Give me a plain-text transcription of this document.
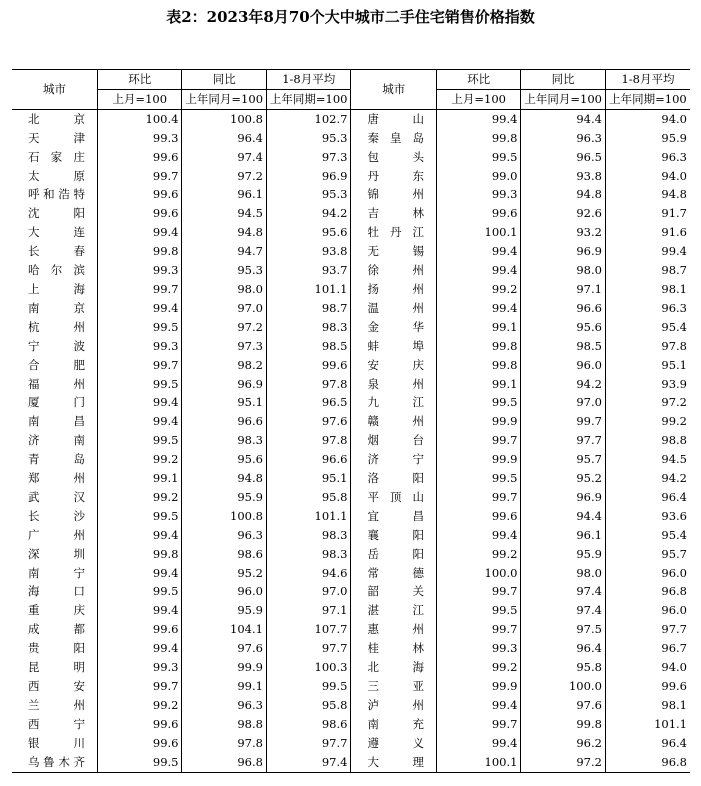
表2：2023年8月70个大中城市二手住宅销售价格指数
城市	环比	同比	1-8月平均	城市	环比	同比	1-8月平均
	上月=100	上年同月=100	上年同期=100		上月=100	上年同月=100	上年同期=100
北京	100.4	100.8	102.7	唐山	99.4	94.4	94.0
天津	99.3	96.4	95.3	秦皇岛	99.8	96.3	95.9
石家庄	99.6	97.4	97.3	包头	99.5	96.5	96.3
太原	99.7	97.2	96.9	丹东	99.0	93.8	94.0
呼和浩特	99.6	96.1	95.3	锦州	99.3	94.8	94.8
沈阳	99.6	94.5	94.2	吉林	99.6	92.6	91.7
大连	99.4	94.8	95.6	牡丹江	100.1	93.2	91.6
长春	99.8	94.7	93.8	无锡	99.4	96.9	99.4
哈尔滨	99.3	95.3	93.7	徐州	99.4	98.0	98.7
上海	99.7	98.0	101.1	扬州	99.2	97.1	98.1
南京	99.4	97.0	98.7	温州	99.4	96.6	96.3
杭州	99.5	97.2	98.3	金华	99.1	95.6	95.4
宁波	99.3	97.3	98.5	蚌埠	99.8	98.5	97.8
合肥	99.7	98.2	99.6	安庆	99.8	96.0	95.1
福州	99.5	96.9	97.8	泉州	99.1	94.2	93.9
厦门	99.4	95.1	96.5	九江	99.5	97.0	97.2
南昌	99.4	96.6	97.6	赣州	99.9	99.7	99.2
济南	99.5	98.3	97.8	烟台	99.7	97.7	98.8
青岛	99.2	95.6	96.6	济宁	99.9	95.7	94.5
郑州	99.1	94.8	95.1	洛阳	99.5	95.2	94.2
武汉	99.2	95.9	95.8	平顶山	99.7	96.9	96.4
长沙	99.5	100.8	101.1	宜昌	99.6	94.4	93.6
广州	99.4	96.3	98.3	襄阳	99.4	96.1	95.4
深圳	99.8	98.6	98.3	岳阳	99.2	95.9	95.7
南宁	99.4	95.2	94.6	常德	100.0	98.0	96.0
海口	99.5	96.0	97.0	韶关	99.7	97.4	96.8
重庆	99.4	95.9	97.1	湛江	99.5	97.4	96.0
成都	99.6	104.1	107.7	惠州	99.7	97.5	97.7
贵阳	99.4	97.6	97.7	桂林	99.3	96.4	96.7
昆明	99.3	99.9	100.3	北海	99.2	95.8	94.0
西安	99.7	99.1	99.5	三亚	99.9	100.0	99.6
兰州	99.2	96.3	95.8	泸州	99.4	97.6	98.1
西宁	99.6	98.8	98.6	南充	99.7	99.8	101.1
银川	99.6	97.8	97.7	遵义	99.4	96.2	96.4
乌鲁木齐	99.5	96.8	97.4	大理	100.1	97.2	96.8
